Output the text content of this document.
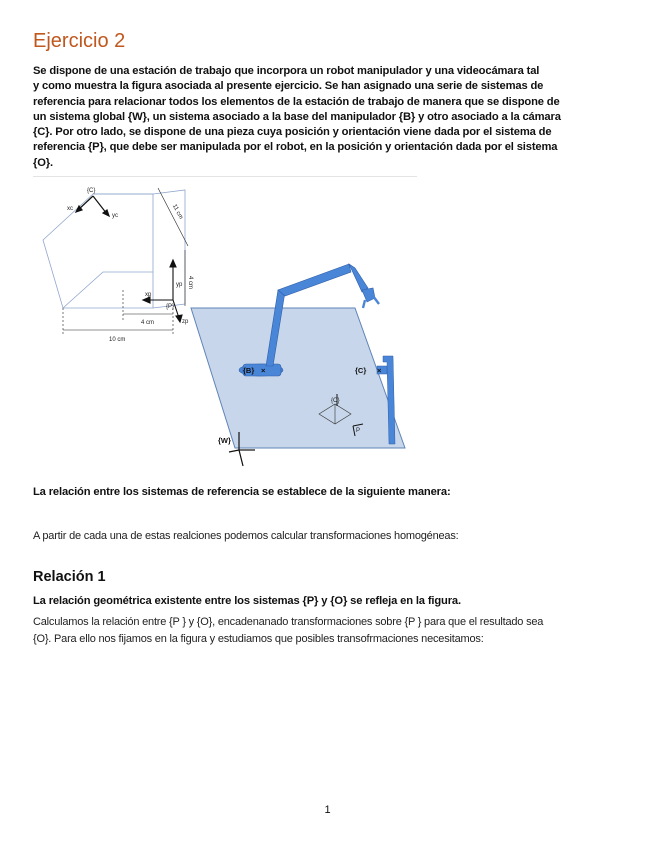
Ejercicio 2

Se dispone de una estación de trabajo que incorpora un robot manipulador y una videocámara tal
y como muestra la figura asociada al presente ejercicio. Se han asignado una serie de sistemas de
referencia para relacionar todos los elementos de la estación de trabajo de manera que se dispone de
un sistema global {W}, un sistema asociado a la base del manipulador {B} y otro asociado a la cámara
{C}. Por otro lado, se dispone de una pieza cuya posición y orientación viene dada por el sistema de
referencia {P}, que debe ser manipulada por el robot, en la posición y orientación dada por el sistema
{O}.

{C}
xc
yc	11 cm
4 cm
4 cm
10 cm
{P}
xp
yp
zp
{B} ×	{C} ×
{O}
P
{W}

La relación entre los sistemas de referencia se establece de la siguiente manera:

A partir de cada una de estas realciones podemos calcular transformaciones homogéneas:

Relación 1

La relación geométrica existente entre los sistemas {P} y {O} se refleja en la figura.

Calculamos la relación entre {P } y {O}, encadenanado transformaciones sobre {P } para que el resultado sea
{O}. Para ello nos fijamos en la figura y estudiamos que posibles transofrmaciones necesitamos:

1
